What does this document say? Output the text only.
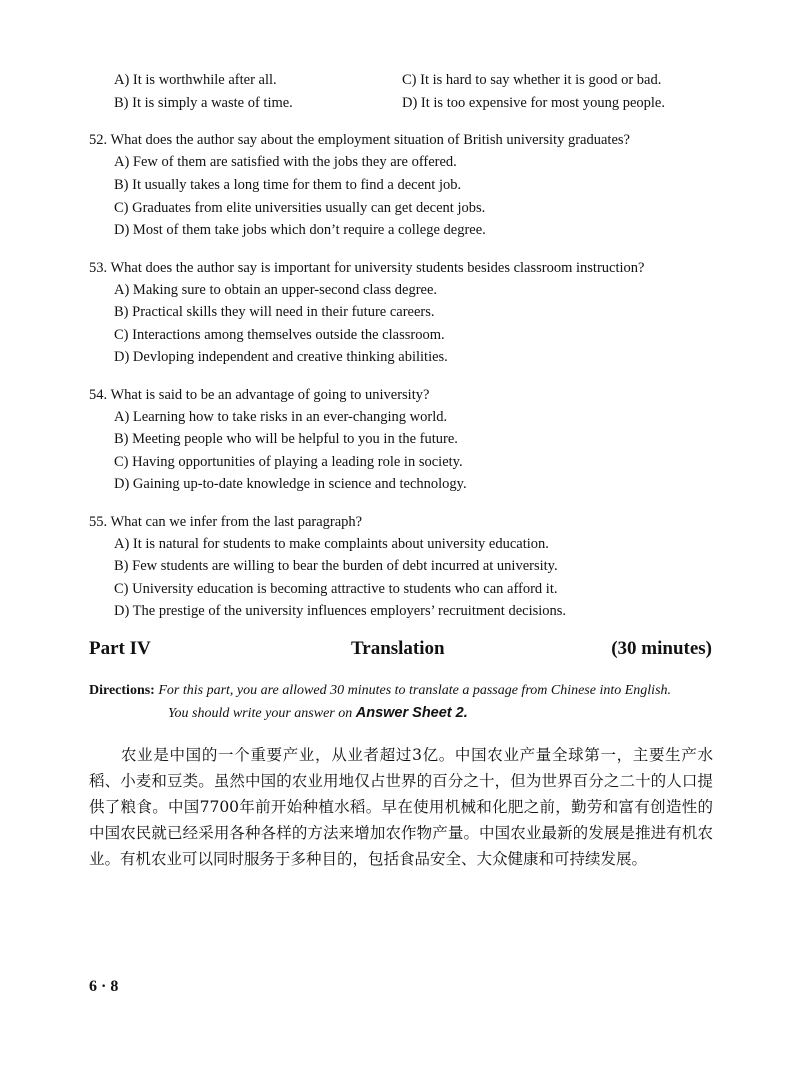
A) It is worthwhile after all.	C) It is hard to say whether it is good or bad.
B) It is simply a waste of time.	D) It is too expensive for most young people.
52. What does the author say about the employment situation of British university graduates?
A) Few of them are satisfied with the jobs they are offered.
B) It usually takes a long time for them to find a decent job.
C) Graduates from elite universities usually can get decent jobs.
D) Most of them take jobs which don’t require a college degree.
53. What does the author say is important for university students besides classroom instruction?
A) Making sure to obtain an upper-second class degree.
B) Practical skills they will need in their future careers.
C) Interactions among themselves outside the classroom.
D) Devloping independent and creative thinking abilities.
54. What is said to be an advantage of going to university?
A) Learning how to take risks in an ever-changing world.
B) Meeting people who will be helpful to you in the future.
C) Having opportunities of playing a leading role in society.
D) Gaining up-to-date knowledge in science and technology.
55. What can we infer from the last paragraph?
A) It is natural for students to make complaints about university education.
B) Few students are willing to bear the burden of debt incurred at university.
C) University education is becoming attractive to students who can afford it.
D) The prestige of the university influences employers’ recruitment decisions.
Part IV	Translation	(30 minutes)
Directions: For this part, you are allowed 30 minutes to translate a passage from Chinese into English.
You should write your answer on Answer Sheet 2.

农业是中国的一个重要产业，从业者超过3亿。中国农业产量全球第一，主要生产水稻、小麦和豆类。虽然中国的农业用地仅占世界的百分之十，但为世界百分之二十的人口提供了粮食。中国7700年前开始种植水稻。早在使用机械和化肥之前，勤劳和富有创造性的中国农民就已经采用各种各样的方法来增加农作物产量。中国农业最新的发展是推进有机农业。有机农业可以同时服务于多种目的，包括食品安全、大众健康和可持续发展。

6 · 8
